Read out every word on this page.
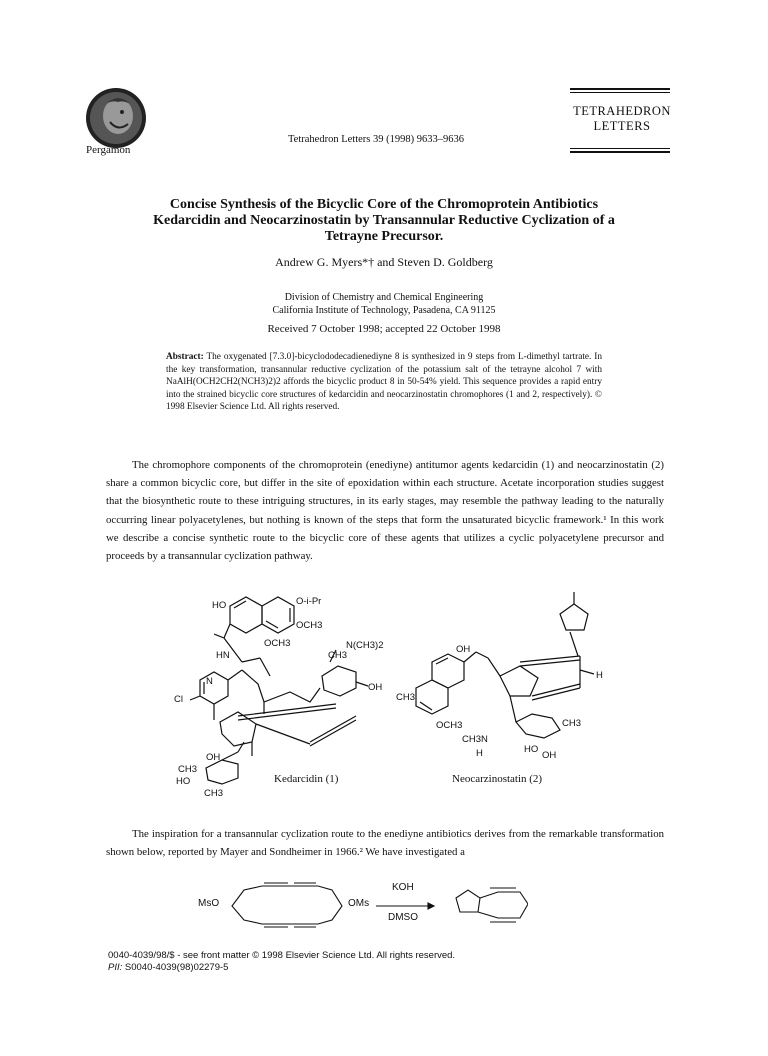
Pergamon
Tetrahedron Letters 39 (1998) 9633–9636
TETRAHEDRON
LETTERS
Concise Synthesis of the Bicyclic Core of the Chromoprotein Antibiotics
Kedarcidin and Neocarzinostatin by Transannular Reductive Cyclization of a
Tetrayne Precursor.
Andrew G. Myers*† and Steven D. Goldberg
Division of Chemistry and Chemical Engineering
California Institute of Technology, Pasadena, CA 91125
Received 7 October 1998; accepted 22 October 1998
Abstract: The oxygenated [7.3.0]-bicyclododecadienediyne 8 is synthesized in 9 steps from L-dimethyl tartrate. In the key transformation, transannular reductive cyclization of the potassium salt of the tetrayne alcohol 7 with NaAlH(OCH2CH2(NCH3)2)2 affords the bicyclic product 8 in 50-54% yield. This sequence provides a rapid entry into the strained bicyclic core structures of kedarcidin and neocarzinostatin chromophores (1 and 2, respectively). © 1998 Elsevier Science Ltd. All rights reserved.
The chromophore components of the chromoprotein (enediyne) antitumor agents kedarcidin (1) and neocarzinostatin (2) share a common bicyclic core, but differ in the site of epoxidation within each structure. Acetate incorporation studies suggest that the biosynthetic route to these intriguing structures, in its early stages, may resemble the pathway leading to the naturally occurring linear polyacetylenes, but nothing is known of the steps that form the unsaturated bicyclic framework.¹ In this work we describe a concise synthetic route to the bicyclic core of these agents that utilizes a cyclic polyacetylene precursor and proceeds by a transannular cyclization pathway.
HO	O-i-Pr
OCH3
OCH3
HN
N(CH3)2
CH3
OH
N
Cl
OH
CH3
HO
CH3
OH
CH3
OCH3	CH3
CH3N
H	HO
OH
H
Kedarcidin (1)	Neocarzinostatin (2)
The inspiration for a transannular cyclization route to the enediyne antibiotics derives from the remarkable transformation shown below, reported by Mayer and Sondheimer in 1966.² We have investigated a
MsO	OMs
KOH
DMSO
0040-4039/98/$ - see front matter © 1998 Elsevier Science Ltd. All rights reserved.
PII: S0040-4039(98)02279-5
